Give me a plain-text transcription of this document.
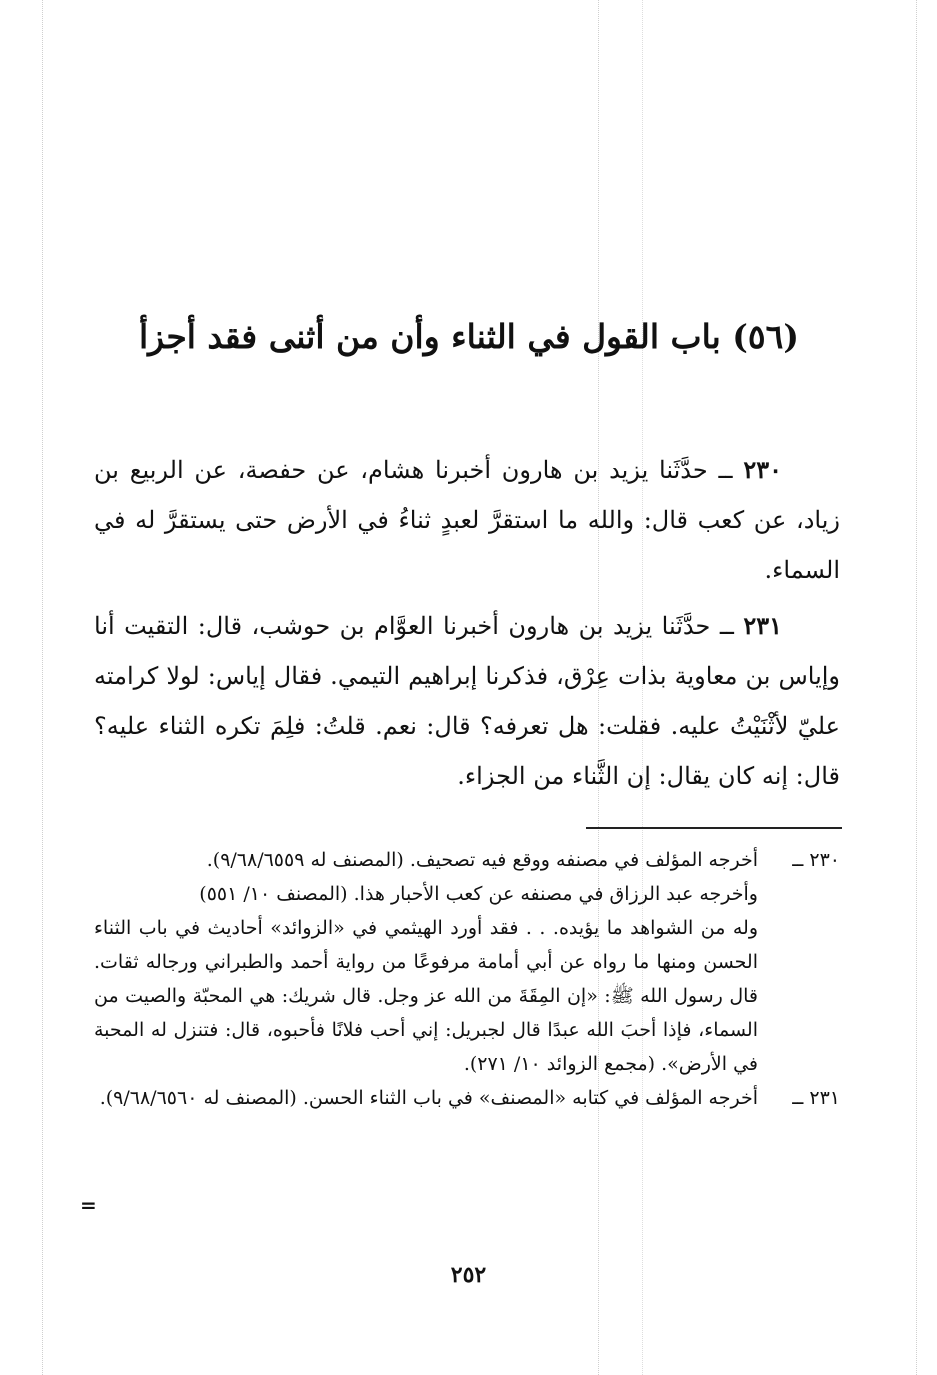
(٥٦) باب القول في الثناء وأن من أثنى فقد أجزأ

٢٣٠ ــ حدَّثَنا يزيد بن هارون أخبرنا هشام، عن حفصة، عن الربيع بن زياد، عن كعب قال: والله ما استقرَّ لعبدٍ ثناءُ في الأرض حتى يستقرَّ له في السماء.

٢٣١ ــ حدَّثَنا يزيد بن هارون أخبرنا العوَّام بن حوشب، قال: التقيت أنا وإياس بن معاوية بذات عِرْق، فذكرنا إبراهيم التيمي. فقال إياس: لولا كرامته عليّ لأثْنَيْتُ عليه. فقلت: هل تعرفه؟ قال: نعم. قلتُ: فلِمَ تكره الثناء عليه؟ قال: إنه كان يقال: إن الثَّناء من الجزاء.

٢٣٠ ــ

أخرجه المؤلف في مصنفه ووقع فيه تصحيف. (المصنف له ٩/٦٨/٦٥٥٩).

وأخرجه عبد الرزاق في مصنفه عن كعب الأحبار هذا. (المصنف ١٠/ ٥٥١)

وله من الشواهد ما يؤيده. . . فقد أورد الهيثمي في «الزوائد» أحاديث في باب الثناء الحسن ومنها ما رواه عن أبي أمامة مرفوعًا من رواية أحمد والطبراني ورجاله ثقات. قال رسول الله ﷺ: «إن المِقَةَ من الله عز وجل. قال شريك: هي المحبّة والصيت من السماء، فإذا أحبَ الله عبدًا قال لجبريل: إني أحب فلانًا فأحبوه، قال: فتنزل له المحبة في الأرض». (مجمع الزوائد ١٠/ ٢٧١).

٢٣١ ــ

أخرجه المؤلف في كتابه «المصنف» في باب الثناء الحسن. (المصنف له ٩/٦٨/٦٥٦٠).

=
٢٥٢
